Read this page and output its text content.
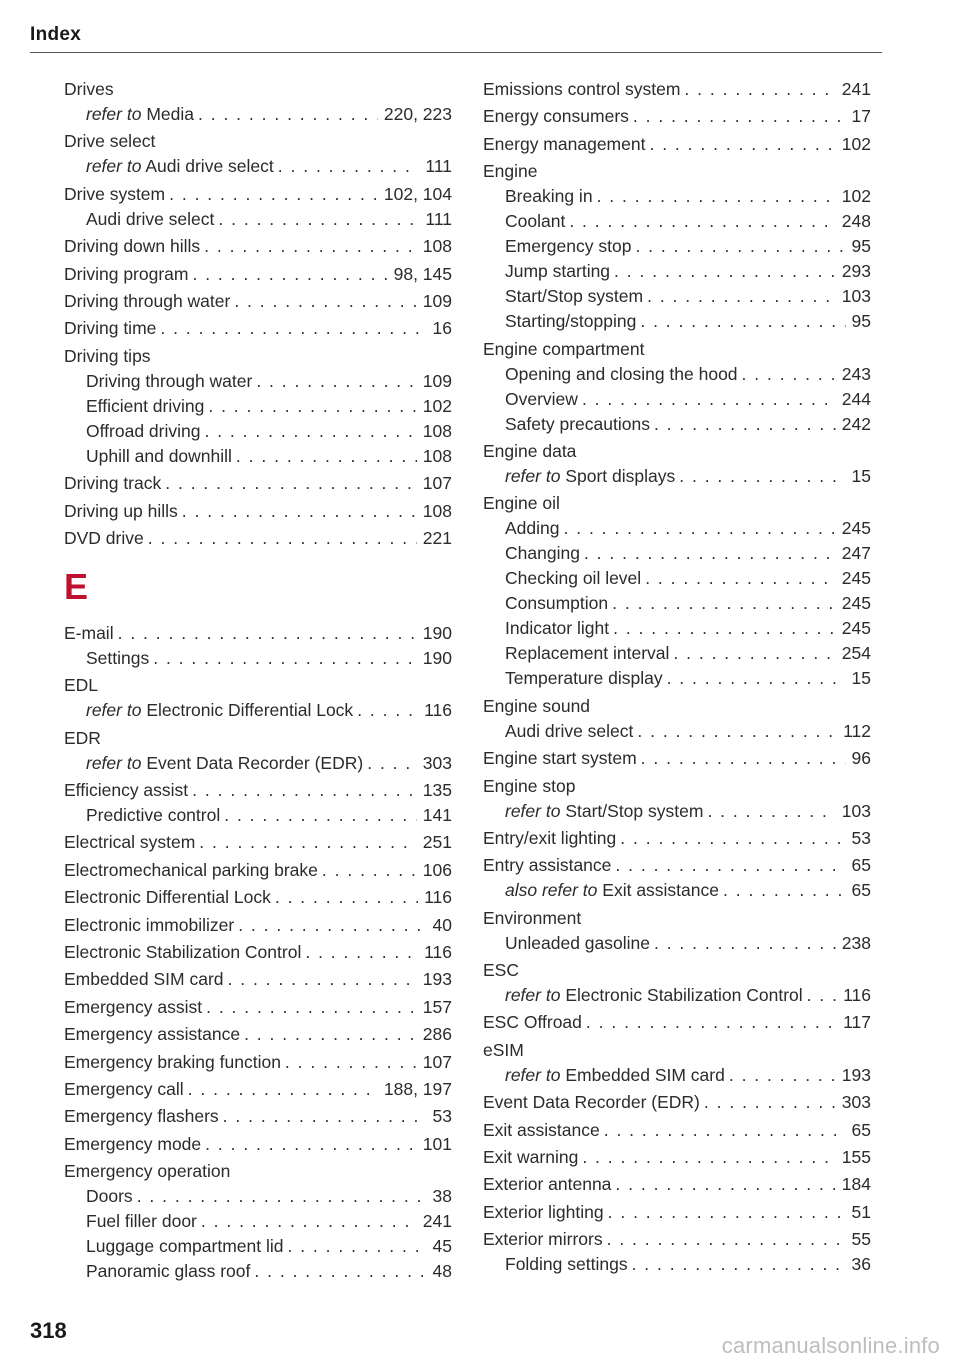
Index
Drives
refer to Media . . .	220, 223
Drive select
refer to Audi drive select . . .	111
Drive system . . .	102, 104
Audi drive select . . .	111
Driving down hills . . .	108
Driving program . . .	98, 145
Driving through water . . .	109
Driving time . . .	16
Driving tips
Driving through water . . .	109
Efficient driving . . .	102
Offroad driving . . .	108
Uphill and downhill . . .	108
Driving track . . .	107
Driving up hills . . .	108
DVD drive . . .	221
E
E-mail . . .	190
Settings . . .	190
EDL
refer to Electronic Differential Lock . . .	116
EDR
refer to Event Data Recorder (EDR) . . .	303
Efficiency assist . . .	135
Predictive control . . .	141
Electrical system . . .	251
Electromechanical parking brake . . .	106
Electronic Differential Lock . . .	116
Electronic immobilizer . . .	40
Electronic Stabilization Control . . .	116
Embedded SIM card . . .	193
Emergency assist . . .	157
Emergency assistance . . .	286
Emergency braking function . . .	107
Emergency call . . .	188, 197
Emergency flashers . . .	53
Emergency mode . . .	101
Emergency operation
Doors . . .	38
Fuel filler door . . .	241
Luggage compartment lid . . .	45
Panoramic glass roof . . .	48
Emissions control system . . .	241
Energy consumers . . .	17
Energy management . . .	102
Engine
Breaking in . . .	102
Coolant . . .	248
Emergency stop . . .	95
Jump starting . . .	293
Start/Stop system . . .	103
Starting/stopping . . .	95
Engine compartment
Opening and closing the hood . . .	243
Overview . . .	244
Safety precautions . . .	242
Engine data
refer to Sport displays . . .	15
Engine oil
Adding . . .	245
Changing . . .	247
Checking oil level . . .	245
Consumption . . .	245
Indicator light . . .	245
Replacement interval . . .	254
Temperature display . . .	15
Engine sound
Audi drive select . . .	112
Engine start system . . .	96
Engine stop
refer to Start/Stop system . . .	103
Entry/exit lighting . . .	53
Entry assistance . . .	65
also refer to Exit assistance . . .	65
Environment
Unleaded gasoline . . .	238
ESC
refer to Electronic Stabilization Control . . . 116
ESC Offroad . . .	117
eSIM
refer to Embedded SIM card . . .	193
Event Data Recorder (EDR) . . .	303
Exit assistance . . .	65
Exit warning . . .	155
Exterior antenna . . .	184
Exterior lighting . . .	51
Exterior mirrors . . .	55
Folding settings . . .	36
318
carmanualsonline.info
